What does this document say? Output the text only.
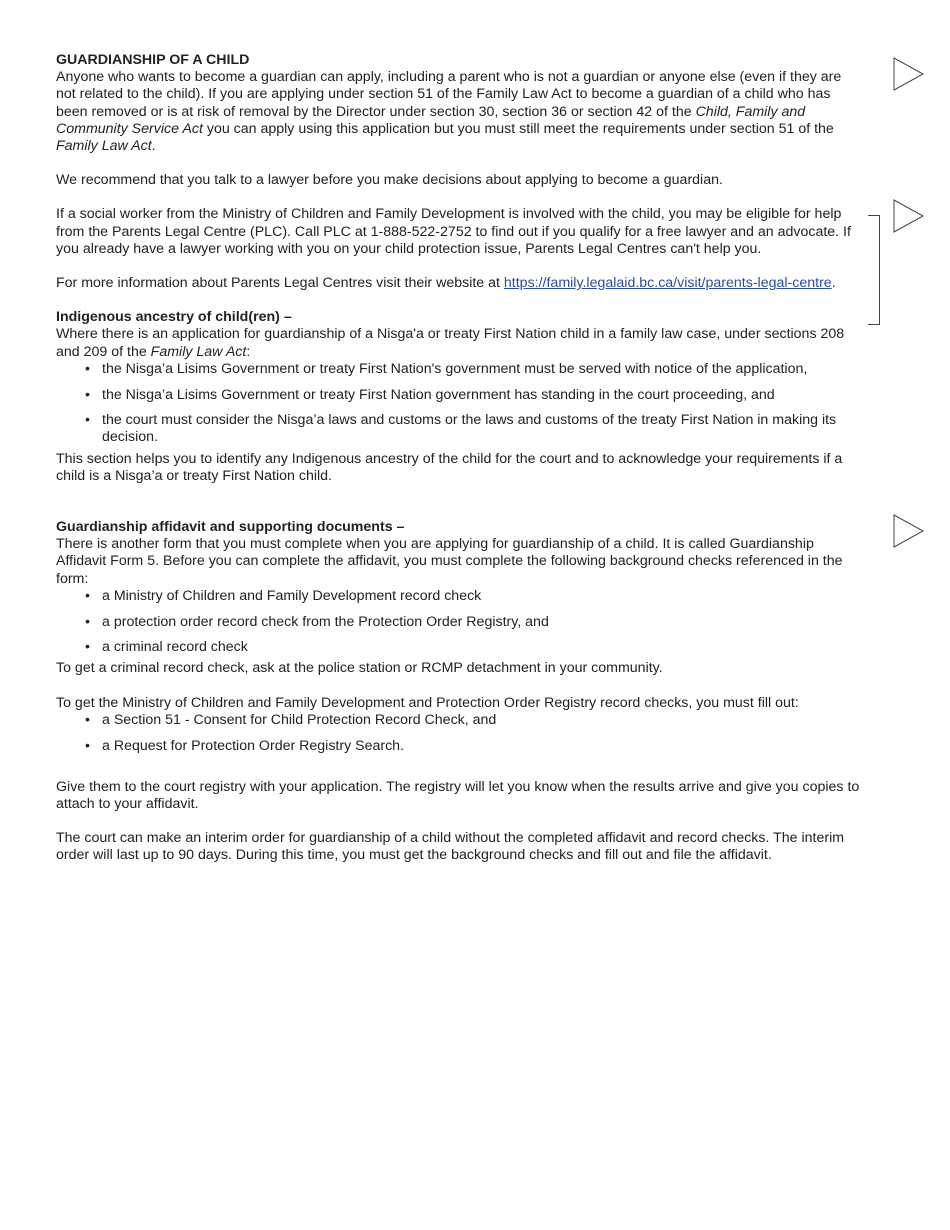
GUARDIANSHIP OF A CHILD

Anyone who wants to become a guardian can apply, including a parent who is not a guardian or anyone else (even if they are not related to the child). If you are applying under section 51 of the Family Law Act to become a guardian of a child who has been removed or is at risk of removal by the Director under section 30, section 36 or section 42 of the Child, Family and Community Service Act you can apply using this application but you must still meet the requirements under section 51 of the Family Law Act.

We recommend that you talk to a lawyer before you make decisions about applying to become a guardian.

If a social worker from the Ministry of Children and Family Development is involved with the child, you may be eligible for help from the Parents Legal Centre (PLC). Call PLC at 1-888-522-2752 to find out if you qualify for a free lawyer and an advocate. If you already have a lawyer working with you on your child protection issue, Parents Legal Centres can't help you.

For more information about Parents Legal Centres visit their website at https://family.legalaid.bc.ca/visit/parents-legal-centre.

Indigenous ancestry of child(ren) –

Where there is an application for guardianship of a Nisga'a or treaty First Nation child in a family law case, under sections 208 and 209 of the Family Law Act:

• the Nisga’a Lisims Government or treaty First Nation's government must be served with notice of the application,
• the Nisga’a Lisims Government or treaty First Nation government has standing in the court proceeding, and
• the court must consider the Nisga’a laws and customs or the laws and customs of the treaty First Nation in making its decision.

This section helps you to identify any Indigenous ancestry of the child for the court and to acknowledge your requirements if a child is a Nisga’a or treaty First Nation child.

Guardianship affidavit and supporting documents –

There is another form that you must complete when you are applying for guardianship of a child. It is called Guardianship Affidavit Form 5. Before you can complete the affidavit, you must complete the following background checks referenced in the form:

• a Ministry of Children and Family Development record check
• a protection order record check from the Protection Order Registry, and
• a criminal record check

To get a criminal record check, ask at the police station or RCMP detachment in your community.

To get the Ministry of Children and Family Development and Protection Order Registry record checks, you must fill out:

• a Section 51 - Consent for Child Protection Record Check, and
• a Request for Protection Order Registry Search.

Give them to the court registry with your application. The registry will let you know when the results arrive and give you copies to attach to your affidavit.

The court can make an interim order for guardianship of a child without the completed affidavit and record checks. The interim order will last up to 90 days. During this time, you must get the background checks and fill out and file the affidavit.
